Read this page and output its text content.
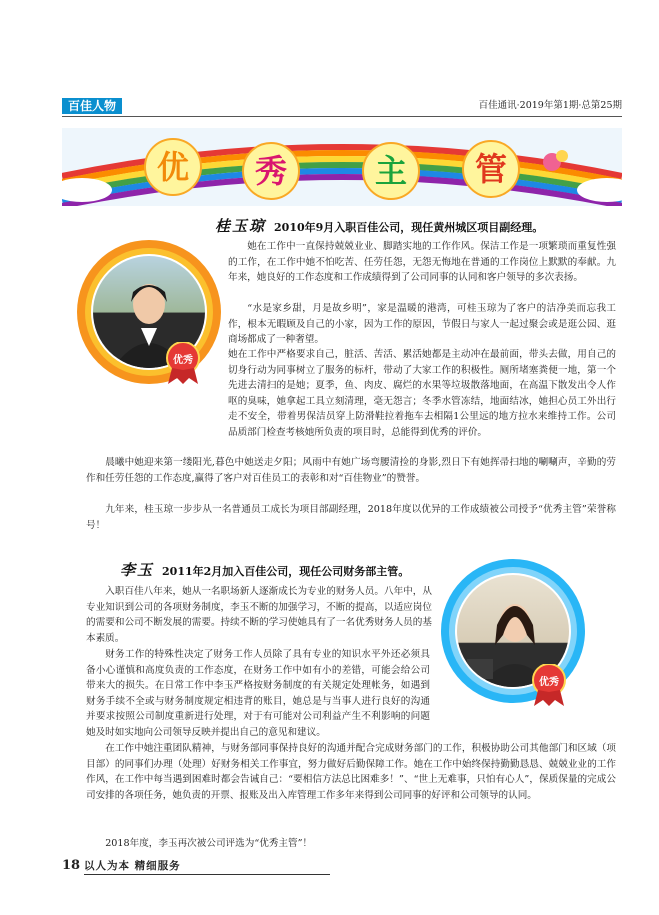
百佳人物	百佳通讯·2019年第1期·总第25期
优	秀	主	管
桂玉琼 2010年9月入职百佳公司，现任黄州城区项目副经理。
优秀

她在工作中一直保持兢兢业业、脚踏实地的工作作风。保洁工作是一项繁琐而重复性强的工作，在工作中她不怕吃苦、任劳任怨，无怨无悔地在普通的工作岗位上默默的奉献。九年来，她良好的工作态度和工作成绩得到了公司同事的认同和客户领导的多次表扬。

“水是家乡甜，月是故乡明”，家是温暖的港湾，可桂玉琼为了客户的洁净美而忘我工作，根本无暇顾及自己的小家，因为工作的原因，节假日与家人一起过聚会或是逛公园、逛商场都成了一种奢望。

她在工作中严格要求自己，脏活、苦活、累活她都是主动冲在最前面，带头去做，用自己的切身行动为同事树立了服务的标杆，带动了大家工作的积极性。厕所堵塞粪便一地，第一个先进去清扫的是她；夏季，鱼、肉皮、腐烂的水果等垃圾散落地面，在高温下散发出令人作呕的臭味，她拿起工具立刻清理，毫无怨言；冬季水管冻结，地面结冰，她担心员工外出行走不安全，带着男保洁员穿上防滑鞋拉着拖车去相隔1公里远的地方拉水来维持工作。公司品质部门检查考核她所负责的项目时，总能得到优秀的评价。

晨曦中她迎来第一缕阳光,暮色中她送走夕阳；风雨中有她广场弯腰清捡的身影,烈日下有她挥帚扫地的唰唰声，辛勤的劳作和任劳任怨的工作态度,赢得了客户对百佳员工的表彰和对“百佳物业”的赞誉。

九年来，桂玉琼一步步从一名普通员工成长为项目部副经理，2018年度以优异的工作成绩被公司授予“优秀主管”荣誉称号！

李玉 2011年2月加入百佳公司，现任公司财务部主管。
优秀

入职百佳八年来，她从一名职场新人逐渐成长为专业的财务人员。八年中，从专业知识到公司的各项财务制度，李玉不断的加强学习，不断的提高，以适应岗位的需要和公司不断发展的需要。持续不断的学习使她具有了一名优秀财务人员的基本素质。

财务工作的特殊性决定了财务工作人员除了具有专业的知识水平外还必须具备小心谨慎和高度负责的工作态度，在财务工作中如有小的差错，可能会给公司带来大的损失。在日常工作中李玉严格按财务制度的有关规定处理帐务，如遇到财务手续不全或与财务制度规定相违背的账目，她总是与当事人进行良好的沟通并要求按照公司制度重新进行处理，对于有可能对公司利益产生不利影响的问题她及时如实地向公司领导反映并提出自己的意见和建议。

在工作中她注重团队精神，与财务部同事保持良好的沟通并配合完成财务部门的工作，积极协助公司其他部门和区域（项目部）的同事们办理（处理）好财务相关工作事宜，努力做好后勤保障工作。她在工作中始终保持勤勤恳恳、兢兢业业的工作作风，在工作中每当遇到困难时都会告诫自己：“要相信方法总比困难多！”、“世上无难事，只怕有心人”，保质保量的完成公司安排的各项任务，她负责的开票、报账及出入库管理工作多年来得到公司同事的好评和公司领导的认同。

2018年度，李玉再次被公司评选为“优秀主管”！

18 以人为本 精细服务
